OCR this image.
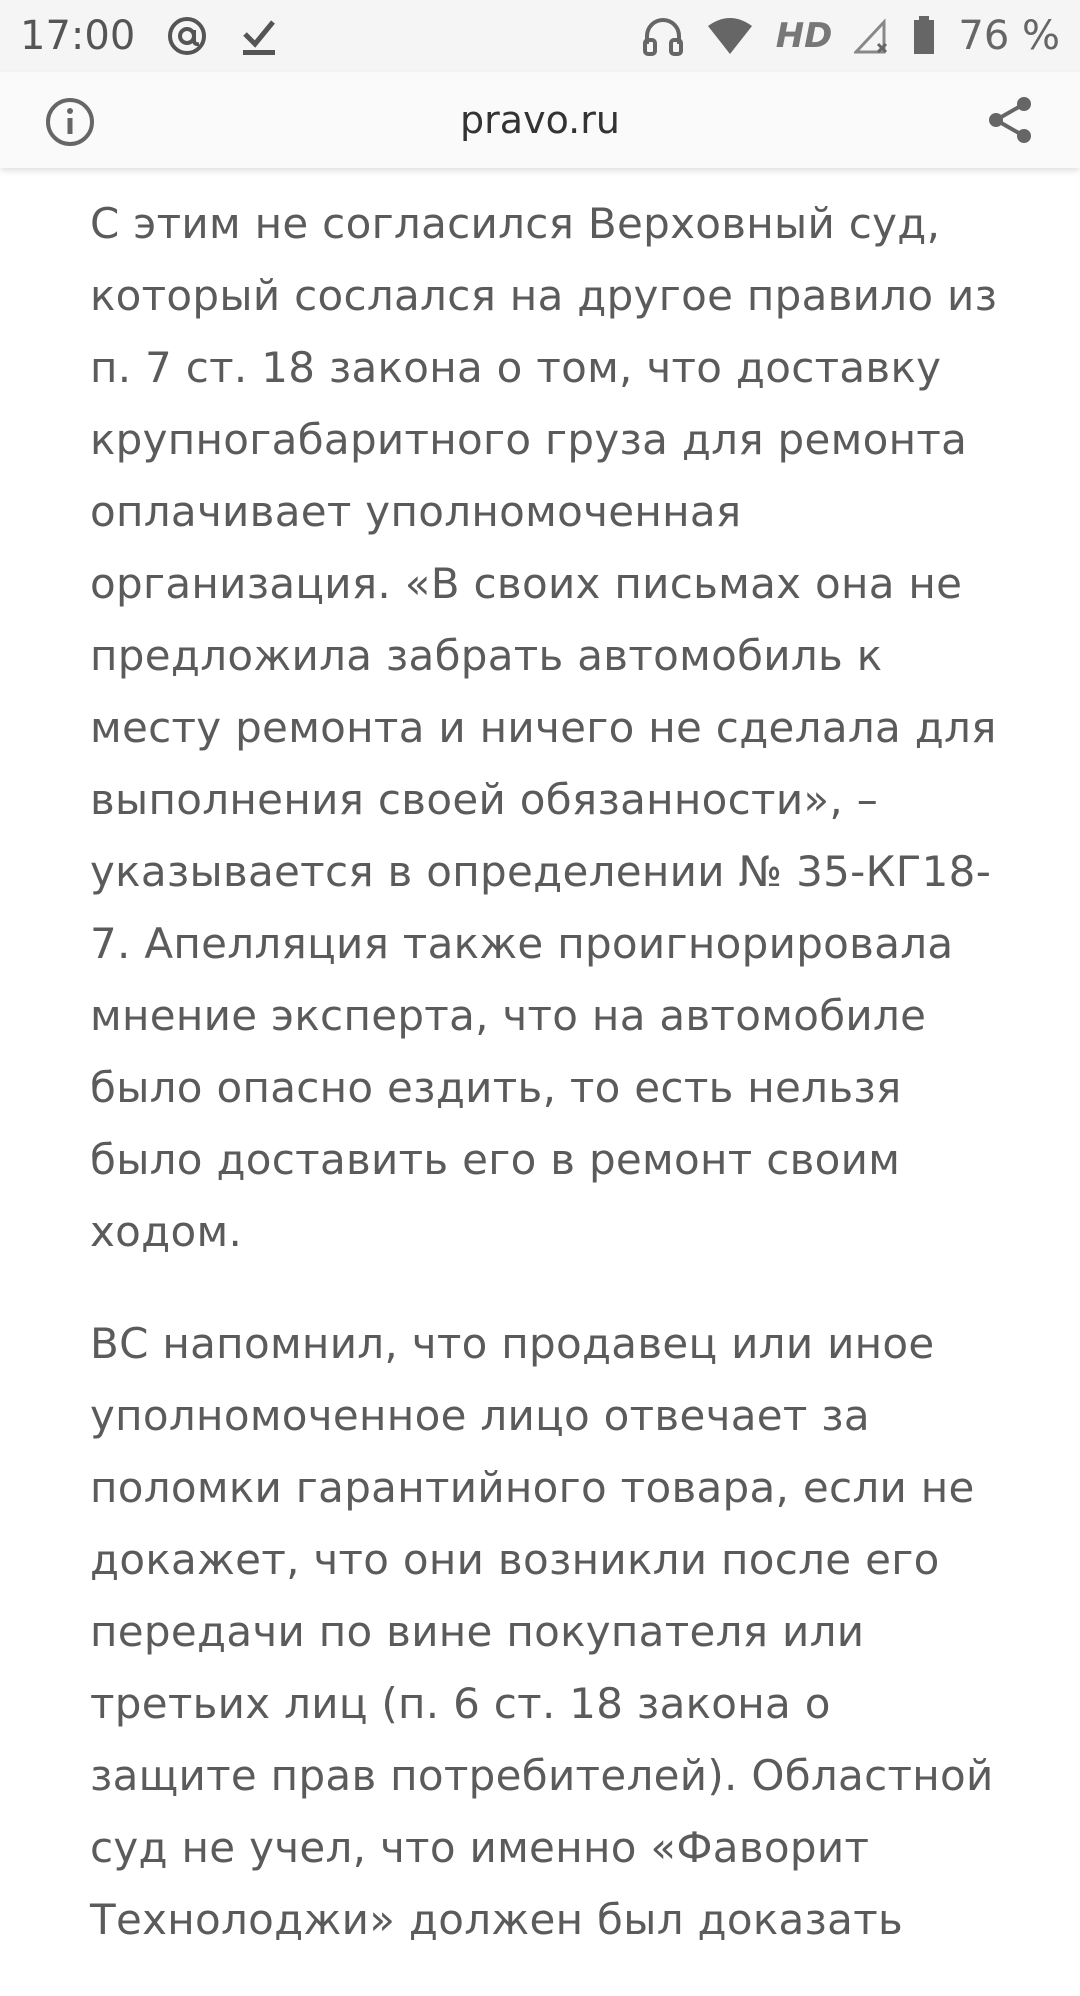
17:00	HD	76 %
pravo.ru

С этим не согласился Верховный суд, который сослался на другое правило из п. 7 ст. 18 закона о том, что доставку крупногабаритного груза для ремонта оплачивает уполномоченная организация. «В своих письмах она не предложила забрать автомобиль к месту ремонта и ничего не сделала для выполнения своей обязанности», – указывается в определении № 35-КГ18-7. Апелляция также проигнорировала мнение эксперта, что на автомобиле было опасно ездить, то есть нельзя было доставить его в ремонт своим ходом.

ВС напомнил, что продавец или иное уполномоченное лицо отвечает за поломки гарантийного товара, если не докажет, что они возникли после его передачи по вине покупателя или третьих лиц (п. 6 ст. 18 закона о защите прав потребителей). Областной суд не учел, что именно «Фаворит Технолоджи» должен был доказать
